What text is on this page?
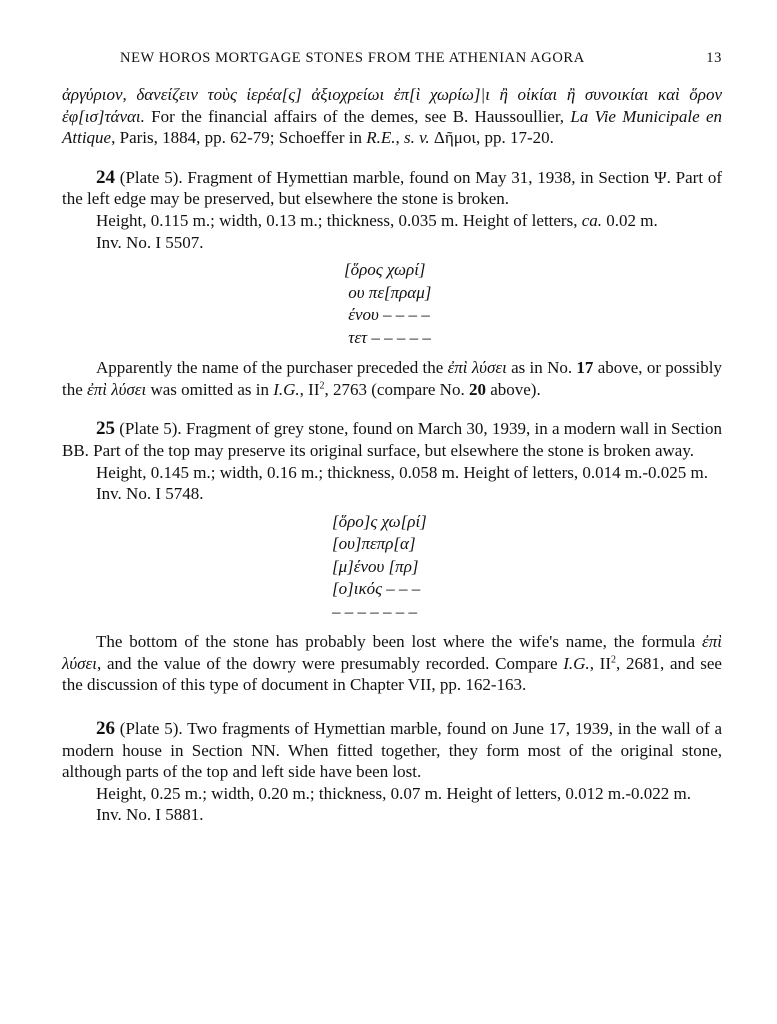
NEW HOROS MORTGAGE STONES FROM THE ATHENIAN AGORA	13

ἀργύριον, δανείζειν τοὺς ἱερέα[ς] ἀξιοχρείωι ἐπ[ὶ χωρίω]|ι ἢ οἰκίαι ἢ συνοικίαι καὶ ὅρον ἐφ[ισ]τάναι. For the financial affairs of the demes, see B. Haussoullier, La Vie Municipale en Attique, Paris, 1884, pp. 62-79; Schoeffer in R.E., s. v. Δῆμοι, pp. 17-20.

24 (Plate 5). Fragment of Hymettian marble, found on May 31, 1938, in Section Ψ. Part of the left edge may be preserved, but elsewhere the stone is broken.

Height, 0.115 m.; width, 0.13 m.; thickness, 0.035 m. Height of letters, ca. 0.02 m.

Inv. No. I 5507.

[ὅρος χωρί]
ου πε[πραμ]
ένου – – – –
τετ – – – – –

Apparently the name of the purchaser preceded the ἐπὶ λύσει as in No. 17 above, or possibly the ἐπὶ λύσει was omitted as in I.G., $II^2$, 2763 (compare No. 20 above).

25 (Plate 5). Fragment of grey stone, found on March 30, 1939, in a modern wall in Section BB. Part of the top may preserve its original surface, but elsewhere the stone is broken away.

Height, 0.145 m.; width, 0.16 m.; thickness, 0.058 m. Height of letters, 0.014 m.-0.025 m.

Inv. No. I 5748.

[ὅρο]ς χω[ρί]
[ου]πεπρ[α]
[μ]ένου [πρ]
[ο]ικός – – –
– – – – – – –

The bottom of the stone has probably been lost where the wife's name, the formula ἐπὶ λύσει, and the value of the dowry were presumably recorded. Compare I.G., $II^2$, 2681, and see the discussion of this type of document in Chapter VII, pp. 162-163.

26 (Plate 5). Two fragments of Hymettian marble, found on June 17, 1939, in the wall of a modern house in Section NN. When fitted together, they form most of the original stone, although parts of the top and left side have been lost.

Height, 0.25 m.; width, 0.20 m.; thickness, 0.07 m. Height of letters, 0.012 m.-0.022 m.

Inv. No. I 5881.
